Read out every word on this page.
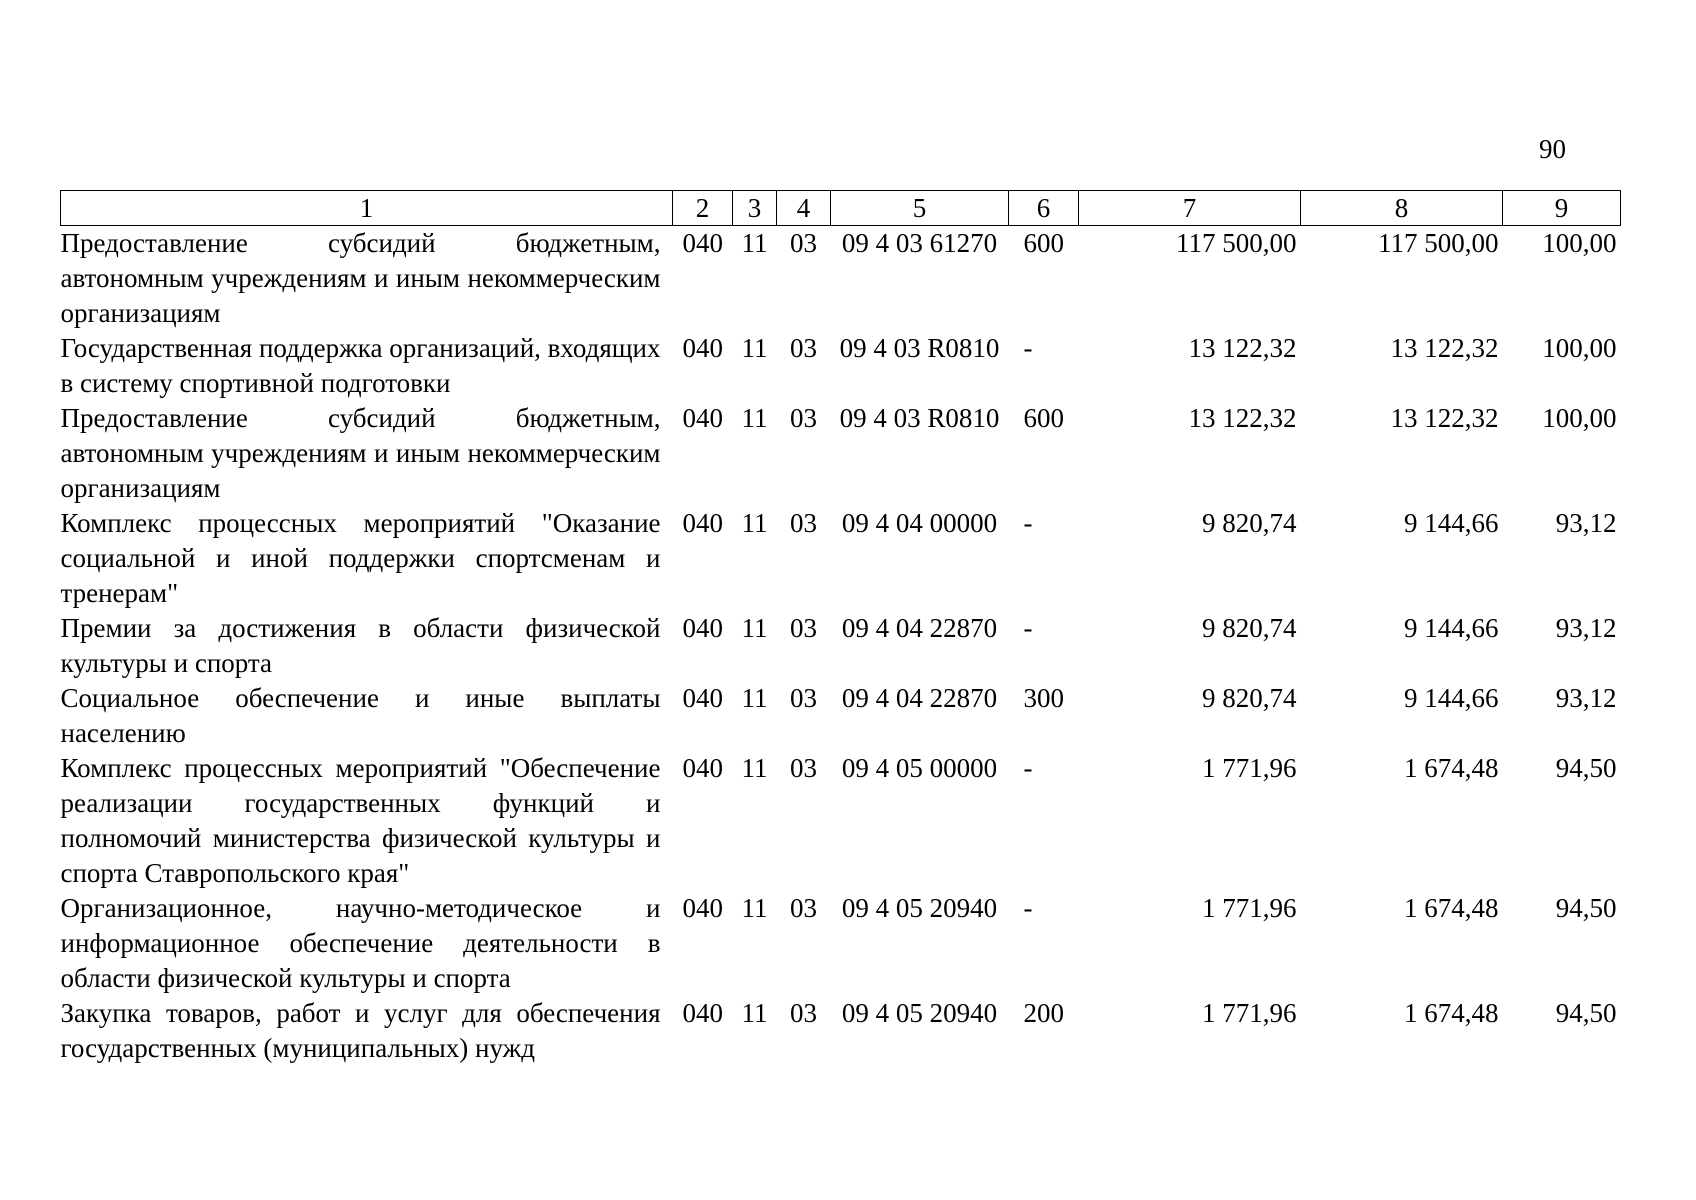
90
1	2	3	4	5	6	7	8	9
Предоставление субсидий бюджетным, автономным учреждениям и иным некоммерческим организациям	040	11	03	09 4 03 61270	600	117 500,00	117 500,00	100,00
Государственная поддержка организаций, входящих в систему спортивной подготовки	040	11	03	09 4 03 R0810	-	13 122,32	13 122,32	100,00
Предоставление субсидий бюджетным, автономным учреждениям и иным некоммерческим организациям	040	11	03	09 4 03 R0810	600	13 122,32	13 122,32	100,00
Комплекс процессных мероприятий "Оказание социальной и иной поддержки спортсменам и тренерам"	040	11	03	09 4 04 00000	-	9 820,74	9 144,66	93,12
Премии за достижения в области физической культуры и спорта	040	11	03	09 4 04 22870	-	9 820,74	9 144,66	93,12
Социальное обеспечение и иные выплаты населению	040	11	03	09 4 04 22870	300	9 820,74	9 144,66	93,12
Комплекс процессных мероприятий "Обеспечение реализации государственных функций и полномочий министерства физической культуры и спорта Ставропольского края"	040	11	03	09 4 05 00000	-	1 771,96	1 674,48	94,50
Организационное, научно-методическое и информационное обеспечение деятельности в области физической культуры и спорта	040	11	03	09 4 05 20940	-	1 771,96	1 674,48	94,50
Закупка товаров, работ и услуг для обеспечения государственных (муниципальных) нужд	040	11	03	09 4 05 20940	200	1 771,96	1 674,48	94,50
